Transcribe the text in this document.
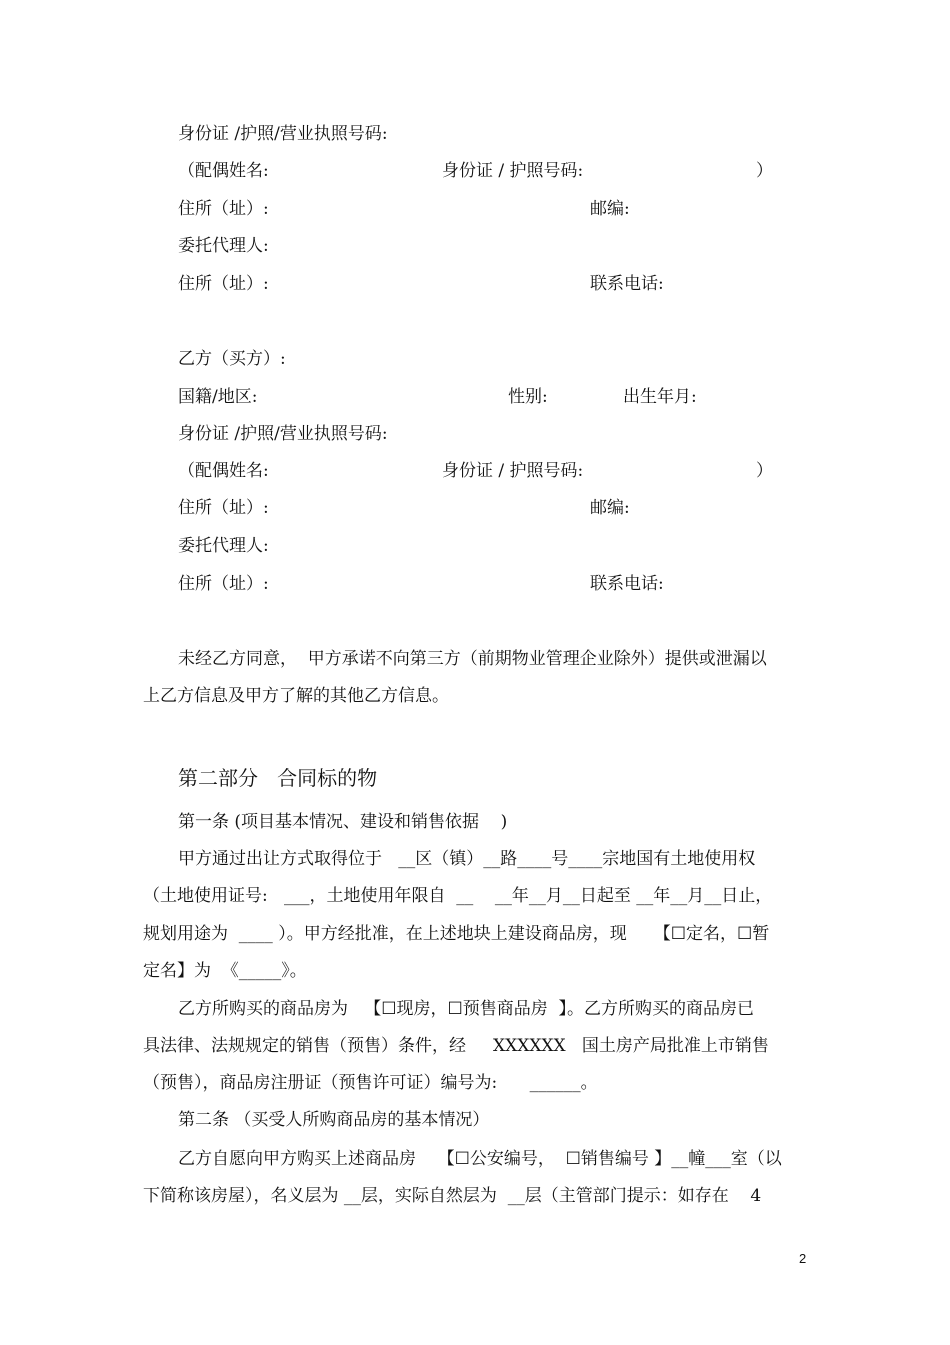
身份证 /护照/营业执照号码:
（配偶姓名:	身份证 / 护照号码:	）
住所（址）:	邮编:
委托代理人:
住所（址）:	联系电话:
乙方（买方）:
国籍/地区:	性别:	出生年月:
身份证 /护照/营业执照号码:
（配偶姓名:	身份证 / 护照号码:	）
住所（址）:	邮编:
委托代理人:
住所（址）:	联系电话:
未经乙方同意，  甲方承诺不向第三方（前期物业管理企业除外）提供或泄漏以
上乙方信息及甲方了解的其他乙方信息。
第二部分   合同标的物
第一条 (项目基本情况、建设和销售依据    )
甲方通过出让方式取得位于   __区（镇）__路____号____宗地国有土地使用权
（土地使用证号:   ___，土地使用年限自  __    __年__月__日起至 __年__月__日止，
规划用途为  ____ ）。甲方经批准，在上述地块上建设商品房，现     【☐定名，☐暂
定名】为  《_____》。
乙方所购买的商品房为   【☐现房，☐预售商品房  】。乙方所购买的商品房已
具法律、法规规定的销售（预售）条件，经     XXXXXX   国土房产局批准上市销售
（预售），商品房注册证（预售许可证）编号为:      ______。
第二条 （买受人所购商品房的基本情况）
乙方自愿向甲方购买上述商品房    【☐公安编号，  ☐销售编号 】__幢___室（以
下简称该房屋），名义层为 __层，实际自然层为  __层（主管部门提示：如存在    4
2
